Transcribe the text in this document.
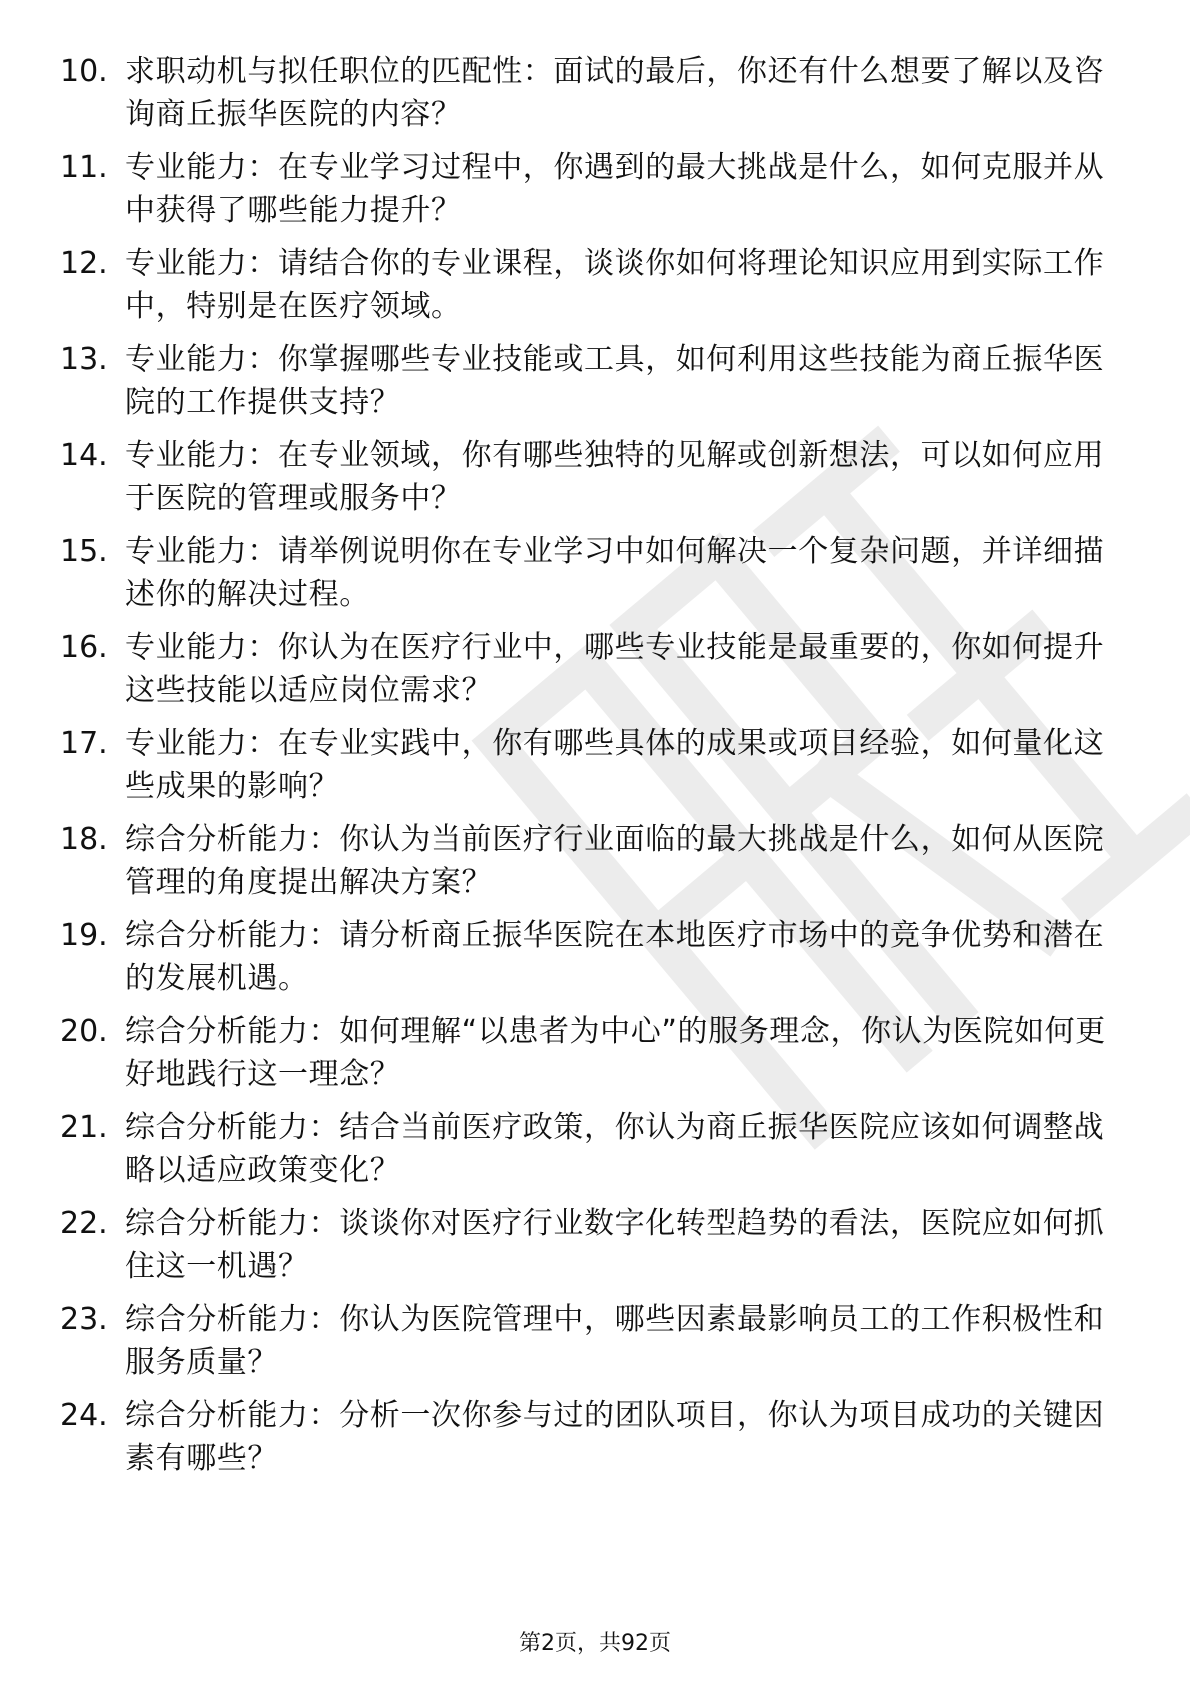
10. 求职动机与拟任职位的匹配性：面试的最后，你还有什么想要了解以及咨询商丘振华医院的内容？
11. 专业能力：在专业学习过程中，你遇到的最大挑战是什么，如何克服并从中获得了哪些能力提升？
12. 专业能力：请结合你的专业课程，谈谈你如何将理论知识应用到实际工作中，特别是在医疗领域。
13. 专业能力：你掌握哪些专业技能或工具，如何利用这些技能为商丘振华医院的工作提供支持？
14. 专业能力：在专业领域，你有哪些独特的见解或创新想法，可以如何应用于医院的管理或服务中？
15. 专业能力：请举例说明你在专业学习中如何解决一个复杂问题，并详细描述你的解决过程。
16. 专业能力：你认为在医疗行业中，哪些专业技能是最重要的，你如何提升这些技能以适应岗位需求？
17. 专业能力：在专业实践中，你有哪些具体的成果或项目经验，如何量化这些成果的影响？
18. 综合分析能力：你认为当前医疗行业面临的最大挑战是什么，如何从医院管理的角度提出解决方案？
19. 综合分析能力：请分析商丘振华医院在本地医疗市场中的竞争优势和潜在的发展机遇。
20. 综合分析能力：如何理解“以患者为中心”的服务理念，你认为医院如何更好地践行这一理念？
21. 综合分析能力：结合当前医疗政策，你认为商丘振华医院应该如何调整战略以适应政策变化？
22. 综合分析能力：谈谈你对医疗行业数字化转型趋势的看法，医院应如何抓住这一机遇？
23. 综合分析能力：你认为医院管理中，哪些因素最影响员工的工作积极性和服务质量？
24. 综合分析能力：分析一次你参与过的团队项目，你认为项目成功的关键因素有哪些？
第2页，共92页
